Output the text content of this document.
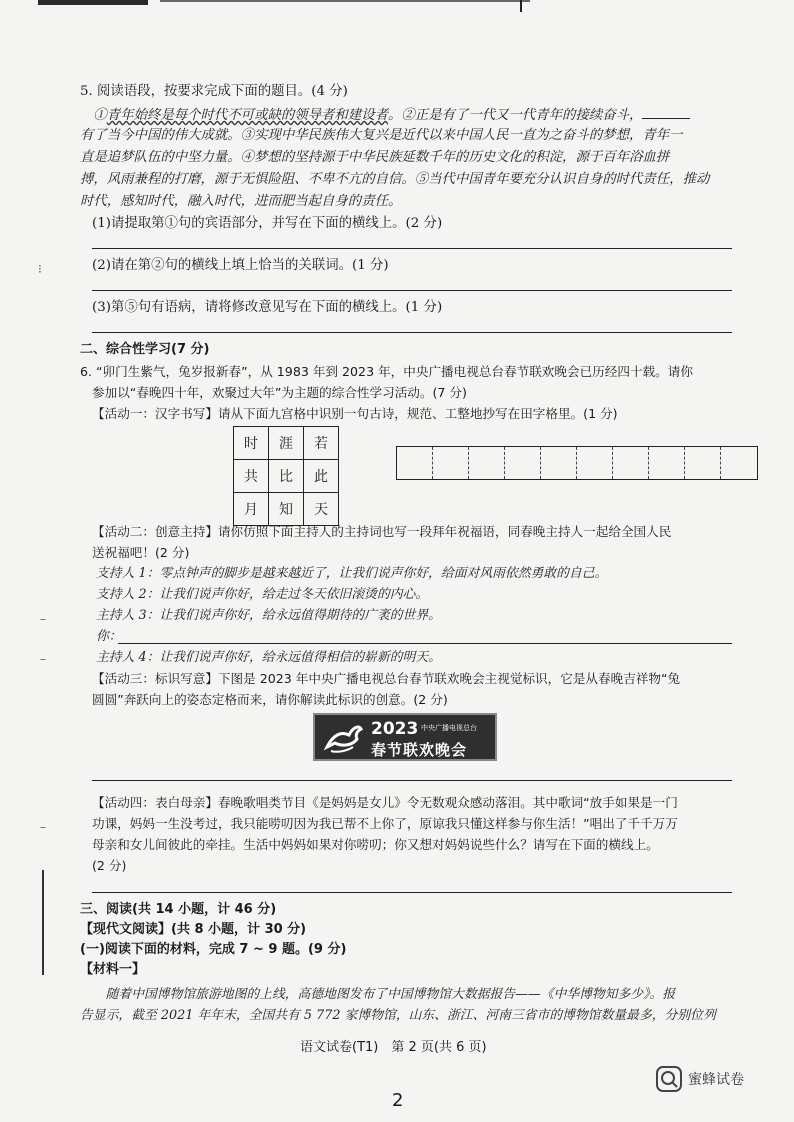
⁝
–
–
–
5. 阅读语段，按要求完成下面的题目。(4 分)
　①青年始终是每个时代不可或缺的领导者和建设者。②正是有了一代又一代青年的接续奋斗，
有了当今中国的伟大成就。③实现中华民族伟大复兴是近代以来中国人民一直为之奋斗的梦想，青年一
直是追梦队伍的中坚力量。④梦想的坚持源于中华民族延数千年的历史文化的积淀，源于百年浴血拼
搏，风雨兼程的打磨，源于无惧险阻、不卑不亢的自信。⑤当代中国青年要充分认识自身的时代责任，推动
时代，感知时代，融入时代，进而肥当起自身的责任。
(1)请提取第①句的宾语部分，并写在下面的横线上。(2 分)
(2)请在第②句的横线上填上恰当的关联词。(1 分)
(3)第⑤句有语病，请将修改意见写在下面的横线上。(1 分)
二、综合性学习(7 分)
6. “卯门生紫气，兔岁报新春”，从 1983 年到 2023 年，中央广播电视总台春节联欢晚会已历经四十载。请你
参加以“春晚四十年，欢聚过大年”为主题的综合性学习活动。(7 分)
【活动一：汉字书写】请从下面九宫格中识别一句古诗，规范、工整地抄写在田字格里。(1 分)
时	涯	若
共	比	此
月	知	天
【活动二：创意主持】请你仿照下面主持人的主持词也写一段拜年祝福语，同春晚主持人一起给全国人民
送祝福吧！(2 分)
支持人 1：零点钟声的脚步是越来越近了，让我们说声你好，给面对风雨依然勇敢的自己。
支持人 2：让我们说声你好，给走过冬天依旧滚烫的内心。
主持人 3：让我们说声你好，给永远值得期待的广袤的世界。
你：
主持人 4：让我们说声你好，给永远值得相信的崭新的明天。
【活动三：标识写意】下图是 2023 年中央广播电视总台春节联欢晚会主视觉标识，它是从春晚吉祥物“兔
圆圆”奔跃向上的姿态定格而来，请你解读此标识的创意。(2 分)
2023 中央广播电视总台
春节联欢晚会
【活动四：表白母亲】春晚歌唱类节目《是妈妈是女儿》令无数观众感动落泪。其中歌词“放手如果是一门
功课，妈妈一生没考过，我只能唠叨因为我已帮不上你了，原谅我只懂这样参与你生活！”唱出了千千万万
母亲和女儿间彼此的牵挂。生活中妈妈如果对你唠叨；你又想对妈妈说些什么？请写在下面的横线上。
(2 分)
三、阅读(共 14 小题，计 46 分)
【现代文阅读】(共 8 小题，计 30 分)
(一)阅读下面的材料，完成 7 ~ 9 题。(9 分)
【材料一】
　　随着中国博物馆旅游地图的上线，高德地图发布了中国博物馆大数据报告——《中华博物知多少》。报
告显示，截至 2021 年年末，全国共有 5 772 家博物馆，山东、浙江、河南三省市的博物馆数量最多，分别位列
语文试卷(T1)　第 2 页(共 6 页)
2
蜜蜂试卷
